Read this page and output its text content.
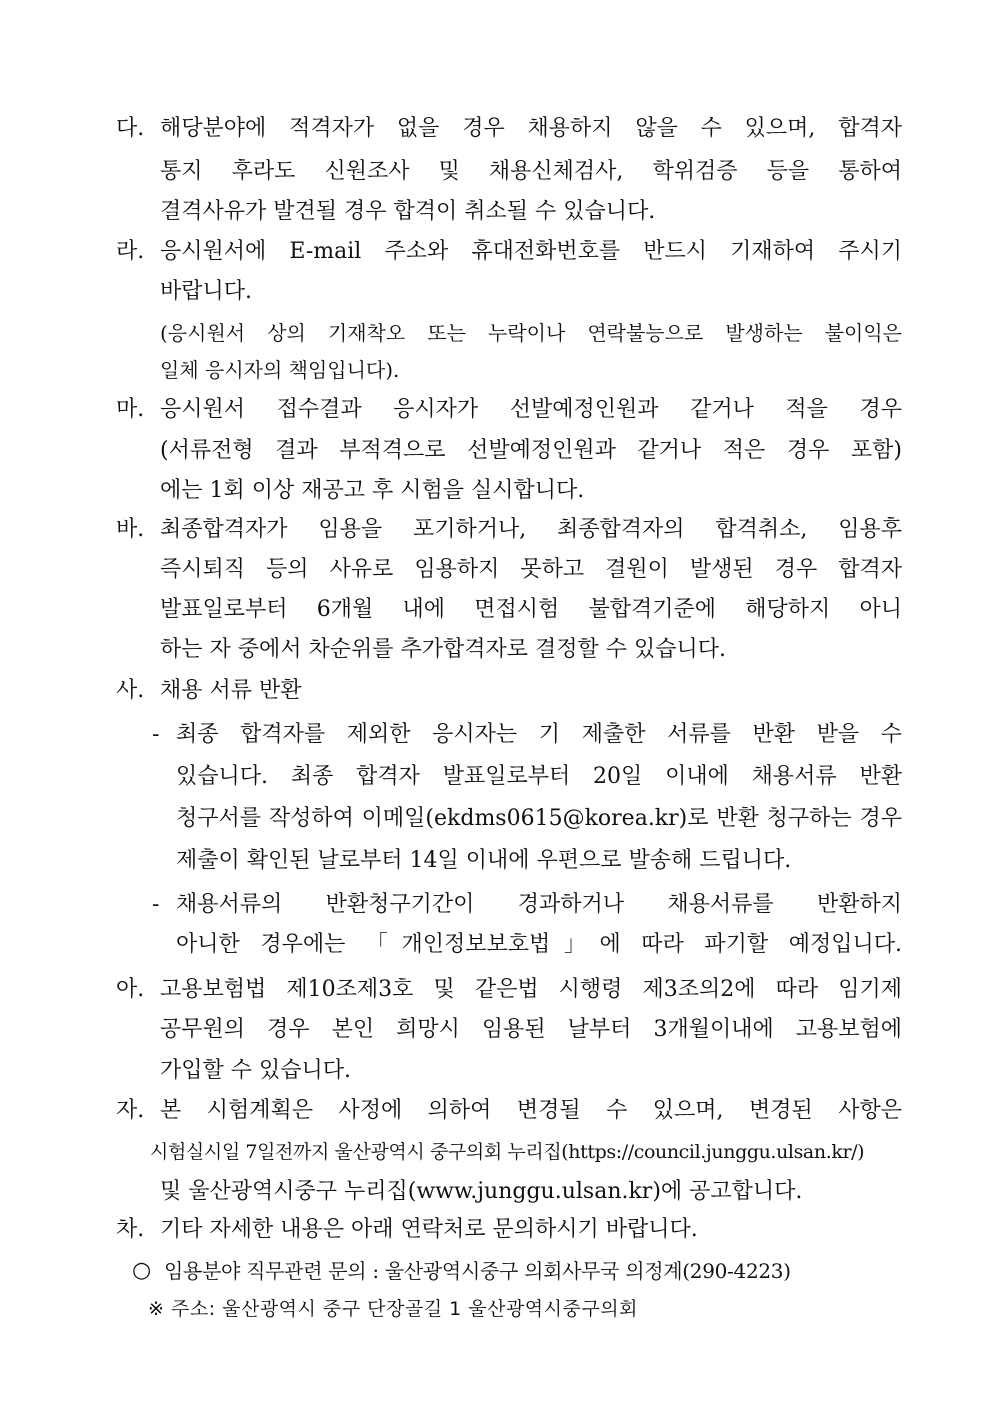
다. 해당분야에 적격자가 없을 경우 채용하지 않을 수 있으며, 합격자
통지 후라도 신원조사 및 채용신체검사, 학위검증 등을 통하여
결격사유가 발견될 경우 합격이 취소될 수 있습니다.
라. 응시원서에 E-mail 주소와 휴대전화번호를 반드시 기재하여 주시기
바랍니다.
(응시원서 상의 기재착오 또는 누락이나 연락불능으로 발생하는 불이익은
일체 응시자의 책임입니다).
마. 응시원서 접수결과 응시자가 선발예정인원과 같거나 적을 경우
(서류전형 결과 부적격으로 선발예정인원과 같거나 적은 경우 포함)
에는 1회 이상 재공고 후 시험을 실시합니다.
바. 최종합격자가 임용을 포기하거나, 최종합격자의 합격취소, 임용후
즉시퇴직 등의 사유로 임용하지 못하고 결원이 발생된 경우 합격자
발표일로부터 6개월 내에 면접시험 불합격기준에 해당하지 아니
하는 자 중에서 차순위를 추가합격자로 결정할 수 있습니다.
사. 채용 서류 반환
- 최종 합격자를 제외한 응시자는 기 제출한 서류를 반환 받을 수
있습니다. 최종 합격자 발표일로부터 20일 이내에 채용서류 반환
청구서를 작성하여 이메일(ekdms0615@korea.kr)로 반환 청구하는 경우
제출이 확인된 날로부터 14일 이내에 우편으로 발송해 드립니다.
- 채용서류의 반환청구기간이 경과하거나 채용서류를 반환하지
아니한 경우에는 「개인정보보호법」에 따라 파기할 예정입니다.
아. 고용보험법 제10조제3호 및 같은법 시행령 제3조의2에 따라 임기제
공무원의 경우 본인 희망시 임용된 날부터 3개월이내에 고용보험에
가입할 수 있습니다.
자. 본 시험계획은 사정에 의하여 변경될 수 있으며, 변경된 사항은
시험실시일 7일전까지 울산광역시 중구의회 누리집(https://council.junggu.ulsan.kr/)
및 울산광역시중구 누리집(www.junggu.ulsan.kr)에 공고합니다.
차. 기타 자세한 내용은 아래 연락처로 문의하시기 바랍니다.
○ 임용분야 직무관련 문의 : 울산광역시중구 의회사무국 의정계(290-4223)
※ 주소: 울산광역시 중구 단장골길 1 울산광역시중구의회
